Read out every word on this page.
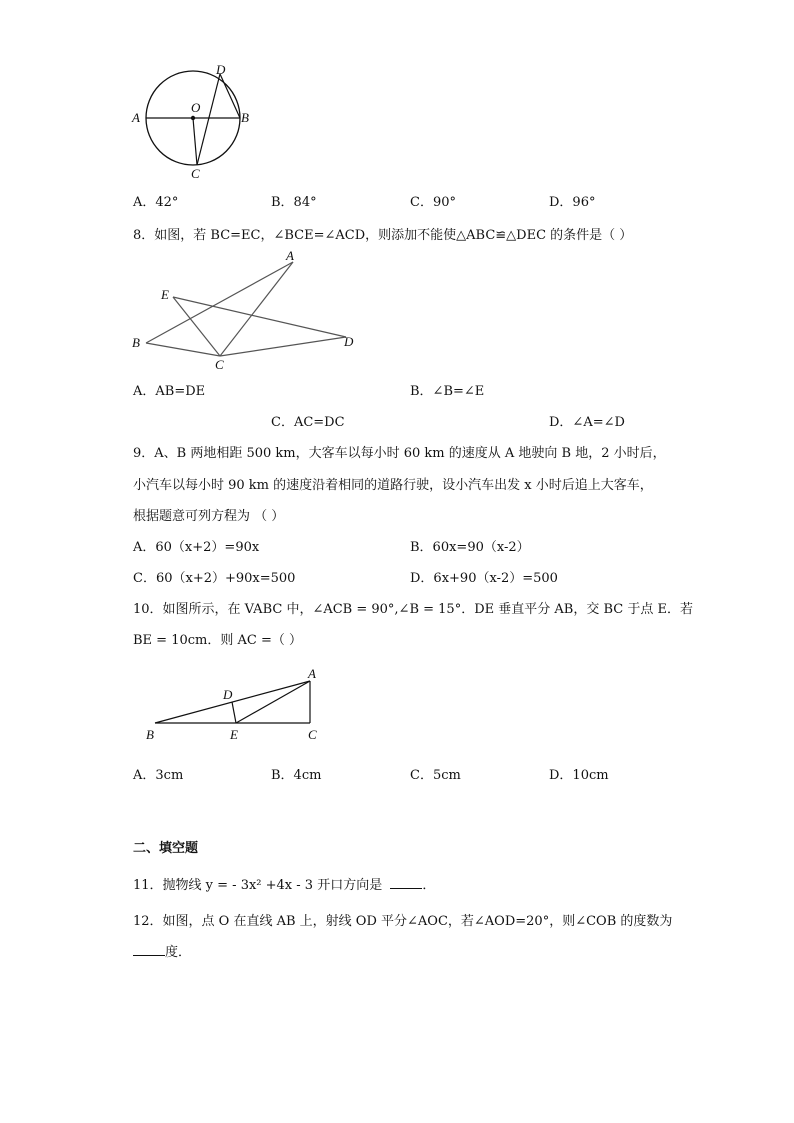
A
O
B
D
C
A．42°	B．84°	C．90°	D．96°
8．如图，若 BC=EC，∠BCE=∠ACD，则添加不能使△ABC≌△DEC 的条件是（ ）
A
E
B
C
D
A．AB=DE	B．∠B=∠E
C．AC=DC	D．∠A=∠D
9．A、B 两地相距 500 km，大客车以每小时 60 km 的速度从 A 地驶向 B 地，2 小时后，
小汽车以每小时 90 km 的速度沿着相同的道路行驶，设小汽车出发 x 小时后追上大客车，
根据题意可列方程为 （ ）
A．60（x+2）=90x	B．60x=90（x-2）
C．60（x+2）+90x=500	D．6x+90（x-2）=500
10．如图所示，在 VABC 中，∠ACB = 90°,∠B = 15°．DE 垂直平分 AB，交 BC 于点 E．若
BE = 10cm．则 AC =（ ）
A
D
B	E	C
A．3cm	B．4cm	C．5cm	D．10cm
二、填空题
11．抛物线 y = - 3x² +4x - 3 开口方向是	．
12．如图，点 O 在直线 AB 上，射线 OD 平分∠AOC，若∠AOD=20°，则∠COB 的度数为
度．
